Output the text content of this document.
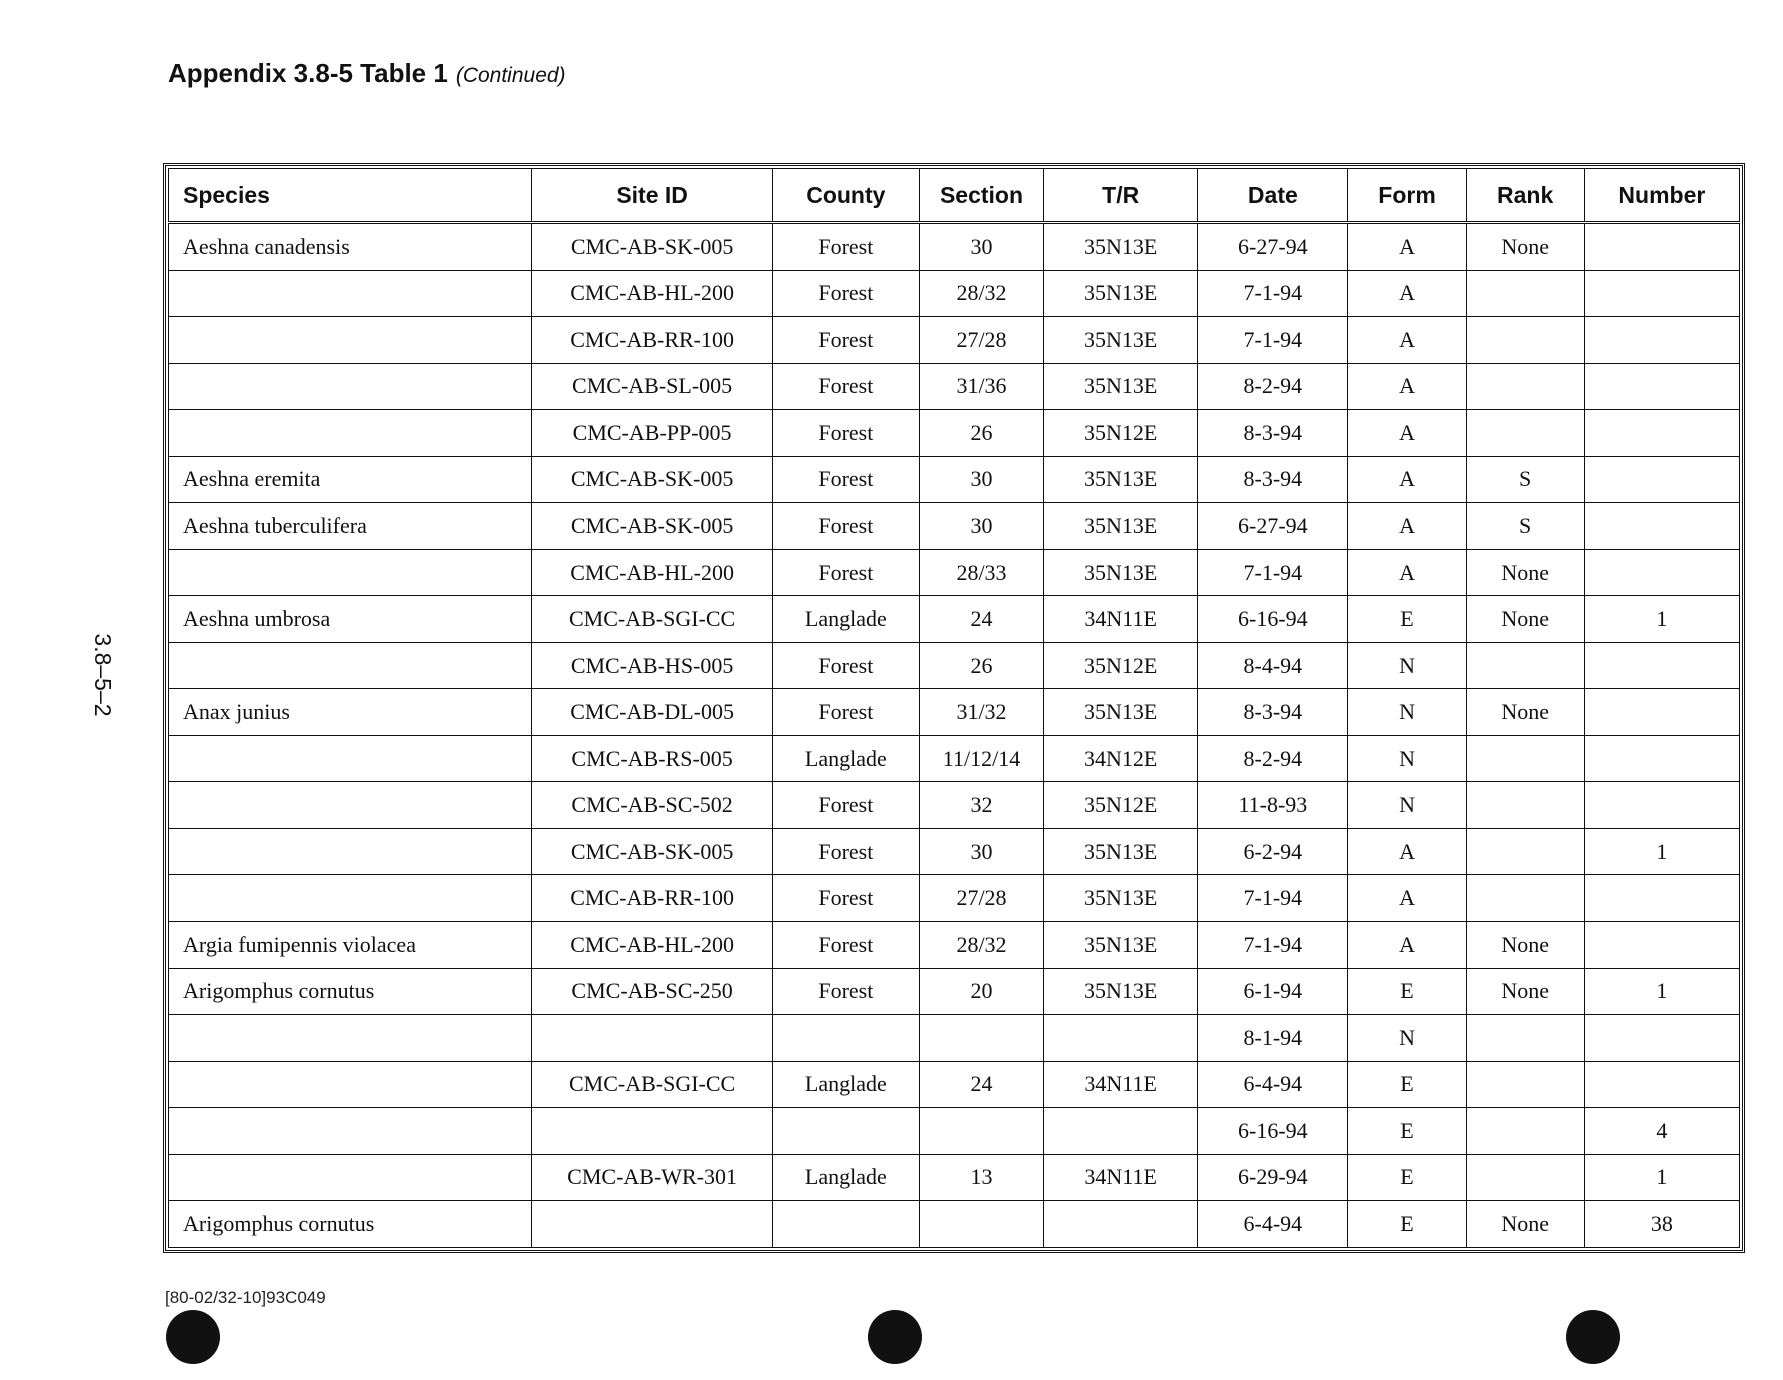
Appendix 3.8-5 Table 1 (Continued)
3.8–5–2
Species	Site ID	County	Section	T/R	Date	Form	Rank	Number
Aeshna canadensis	CMC-AB-SK-005	Forest	30	35N13E	6-27-94	A	None	
	CMC-AB-HL-200	Forest	28/32	35N13E	7-1-94	A		
	CMC-AB-RR-100	Forest	27/28	35N13E	7-1-94	A		
	CMC-AB-SL-005	Forest	31/36	35N13E	8-2-94	A		
	CMC-AB-PP-005	Forest	26	35N12E	8-3-94	A		
Aeshna eremita	CMC-AB-SK-005	Forest	30	35N13E	8-3-94	A	S	
Aeshna tuberculifera	CMC-AB-SK-005	Forest	30	35N13E	6-27-94	A	S	
	CMC-AB-HL-200	Forest	28/33	35N13E	7-1-94	A	None	
Aeshna umbrosa	CMC-AB-SGI-CC	Langlade	24	34N11E	6-16-94	E	None	1
	CMC-AB-HS-005	Forest	26	35N12E	8-4-94	N		
Anax junius	CMC-AB-DL-005	Forest	31/32	35N13E	8-3-94	N	None	
	CMC-AB-RS-005	Langlade	11/12/14	34N12E	8-2-94	N		
	CMC-AB-SC-502	Forest	32	35N12E	11-8-93	N		
	CMC-AB-SK-005	Forest	30	35N13E	6-2-94	A		1
	CMC-AB-RR-100	Forest	27/28	35N13E	7-1-94	A		
Argia fumipennis violacea	CMC-AB-HL-200	Forest	28/32	35N13E	7-1-94	A	None	
Arigomphus cornutus	CMC-AB-SC-250	Forest	20	35N13E	6-1-94	E	None	1
					8-1-94	N		
	CMC-AB-SGI-CC	Langlade	24	34N11E	6-4-94	E		
					6-16-94	E		4
	CMC-AB-WR-301	Langlade	13	34N11E	6-29-94	E		1
Arigomphus cornutus					6-4-94	E	None	38
[80-02/32-10]93C049
